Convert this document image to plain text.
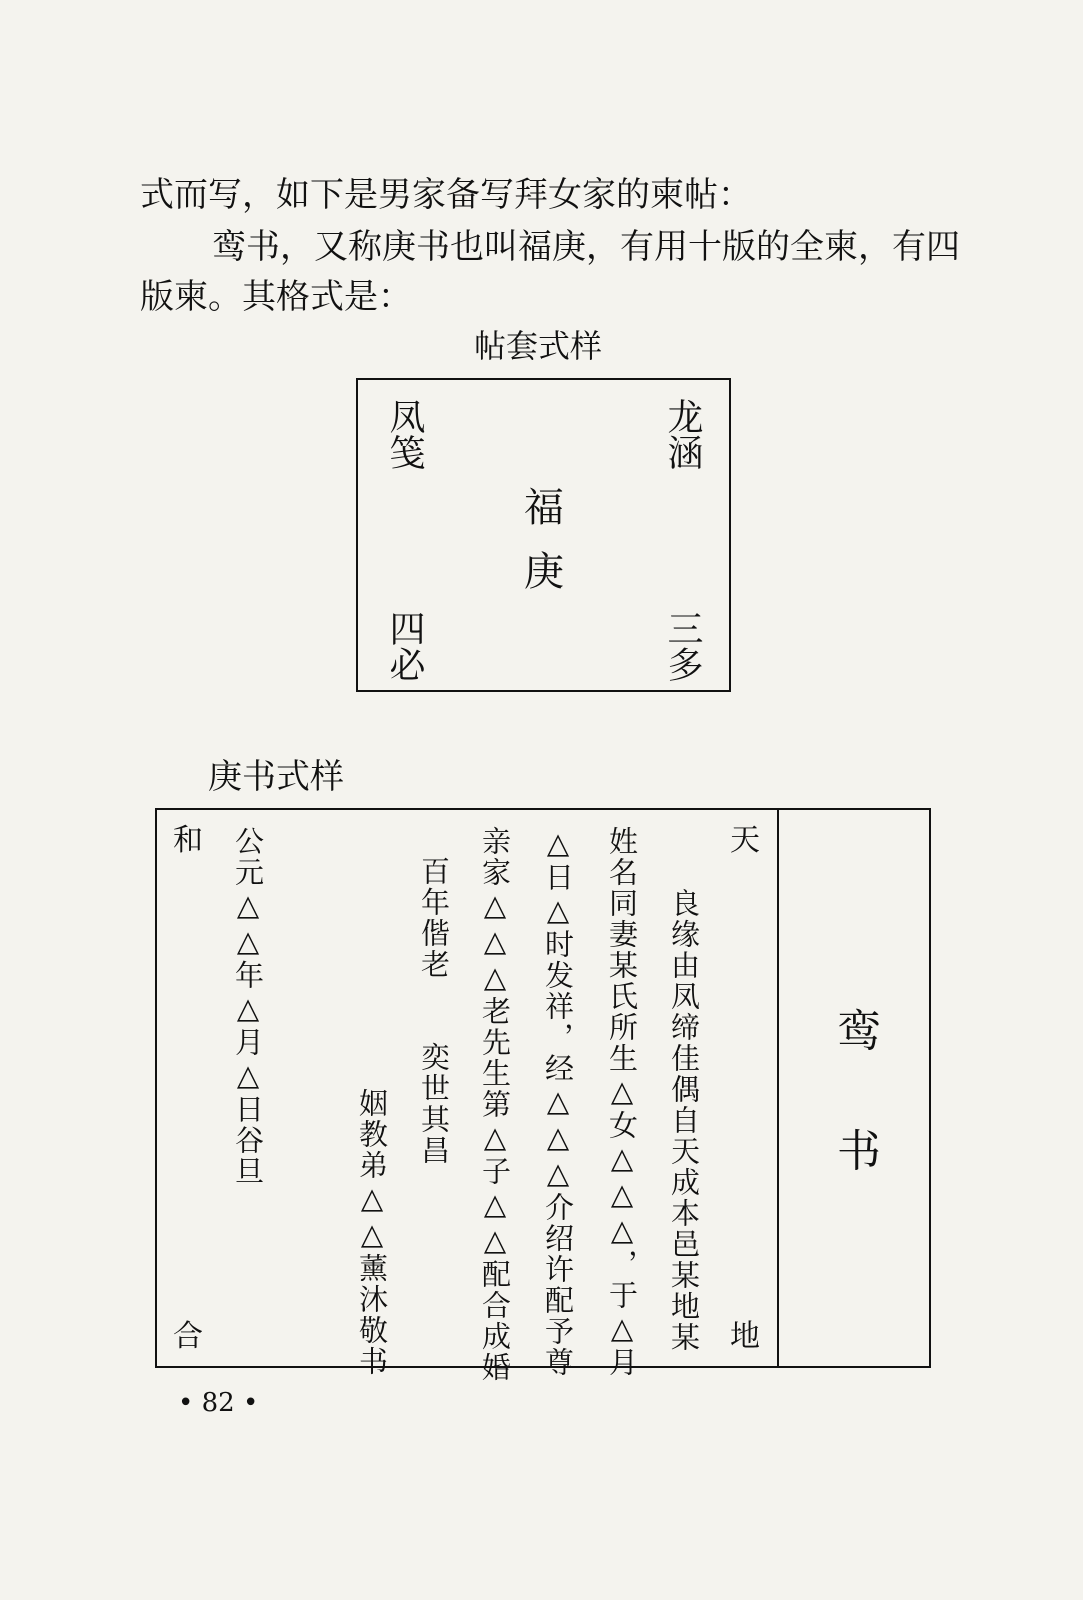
式而写，如下是男家备写拜女家的柬帖：
鸾书，又称庚书也叫福庚，有用十版的全柬，有四
版柬。其格式是：
帖套式样
凤笺	龙涵
福
庚
四必	三多
庚书式样
鸾
书
天
地
良缘由凤缔佳偶自天成本邑某地某
姓名同妻某氏所生△女△△△，于△月
△日△时发祥，经△△△介绍许配予尊
亲家△△△老先生第△子△△配合成婚
百年偕老
奕世其昌
姻教弟△△薰沐敬书
公元△△年△月△日谷旦
和
合
• 82 •
